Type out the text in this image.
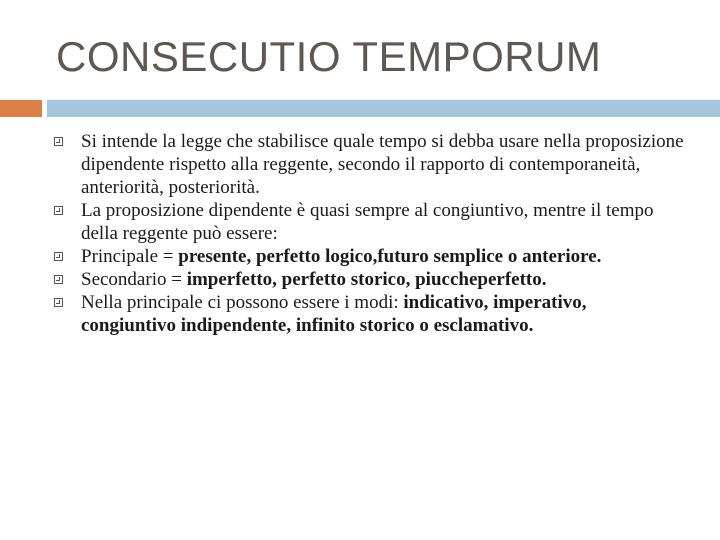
CONSECUTIO TEMPORUM
Si intende la legge che stabilisce quale tempo si debba usare nella proposizione dipendente rispetto alla reggente, secondo il rapporto di contemporaneità, anteriorità, posteriorità.
La proposizione dipendente è quasi sempre al congiuntivo, mentre il tempo della reggente può essere:
Principale = presente, perfetto logico,futuro semplice o anteriore.
Secondario = imperfetto, perfetto storico, piuccheperfetto.
Nella principale ci possono essere i modi: indicativo, imperativo, congiuntivo indipendente, infinito storico o esclamativo.
